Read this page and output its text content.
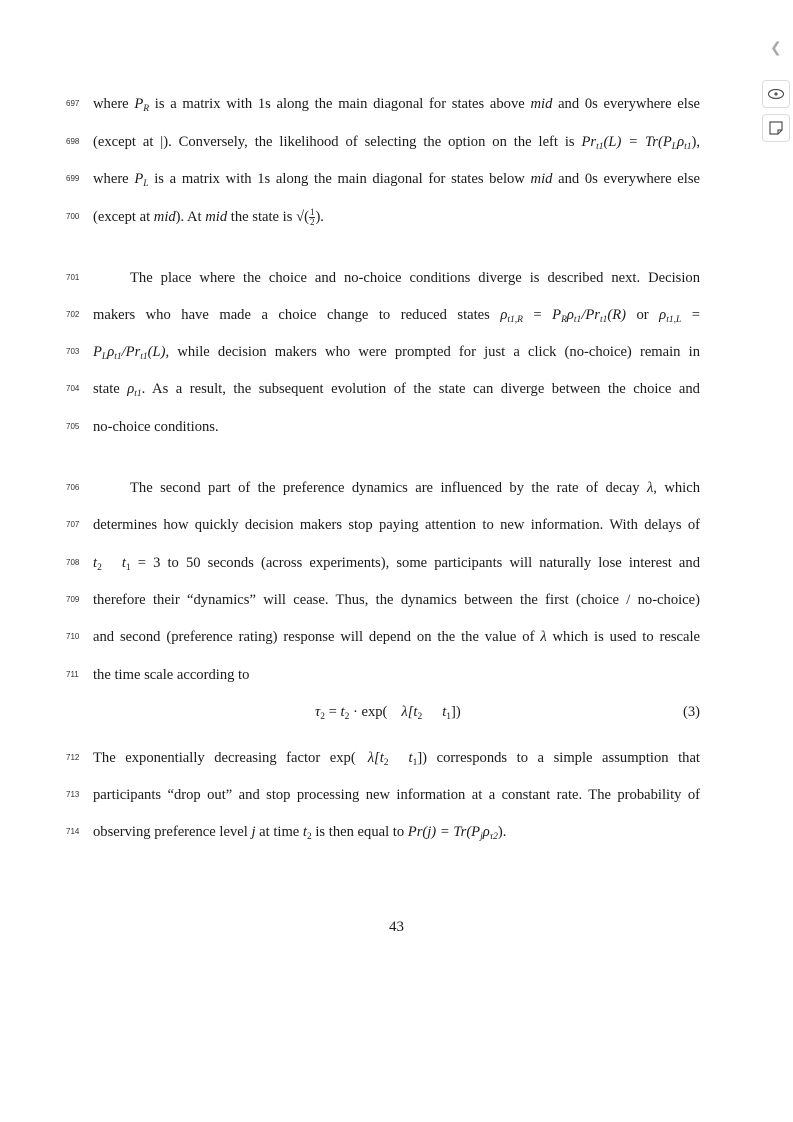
❮
697
698
699
700
701
702
703
704
705
706
707
708
709
710
711
712
713
714
where $P_R$ is a matrix with 1s along the main diagonal for states above mid and 0s everywhere else
(except at |). Conversely, the likelihood of selecting the option on the left is $Pr_{t1}(L) = Tr(P_L\rho_{t1})$,
where $P_L$ is a matrix with 1s along the main diagonal for states below mid and 0s everywhere else
(except at mid). At mid the state is √( $\frac{1}{2}$ ).
The place where the choice and no-choice conditions diverge is described next. Decision
makers who have made a choice change to reduced states $\rho_{t1,R} = P_R\rho_{t1}/Pr_{t1}(R)$ or $\rho_{t1,L}$ =
$P_L\rho_{t1}/Pr_{t1}(L)$, while decision makers who were prompted for just a click (no-choice) remain in
state $\rho_{t1}$. As a result, the subsequent evolution of the state can diverge between the choice and
no-choice conditions.
The second part of the preference dynamics are influenced by the rate of decay λ, which
determines how quickly decision makers stop paying attention to new information. With delays of
$t_2$ $t_1 = 3$ to 50 seconds (across experiments), some participants will naturally lose interest and
therefore their “dynamics” will cease. Thus, the dynamics between the first (choice / no-choice)
and second (preference rating) response will depend on the the value of λ which is used to rescale
the time scale according to
$\tau_2 = t_2 \cdot \exp$( $\lambda[t_2$ $t_1$])	(3)
The exponentially decreasing factor exp( $\lambda[t_2$ $t_1$]) corresponds to a simple assumption that
participants “drop out” and stop processing new information at a constant rate. The probability of
observing preference level j at time $t_2$ is then equal to $Pr(j) = Tr(P_j\rho_{\tau 2})$.
43
